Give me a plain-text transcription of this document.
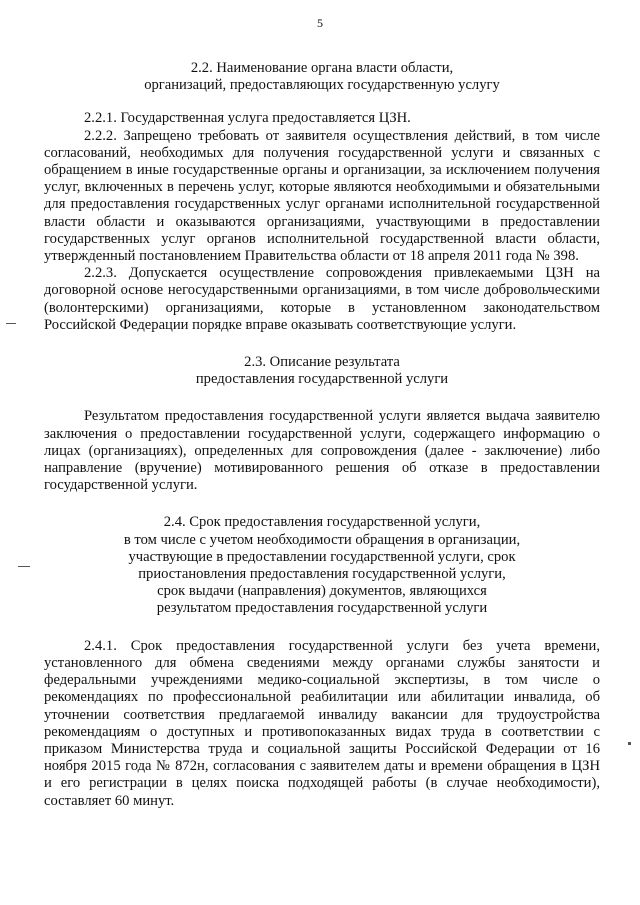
5
2.2. Наименование органа власти области,
организаций, предоставляющих государственную услугу

2.2.1. Государственная услуга предоставляется ЦЗН.

2.2.2. Запрещено требовать от заявителя осуществления действий, в том числе согласований, необходимых для получения государственной услуги и связанных с обращением в иные государственные органы и организации, за исключением получения услуг, включенных в перечень услуг, которые являются необходимыми и обязательными для предоставления государственных услуг органами исполнительной государственной власти области и оказываются организациями, участвующими в предоставлении государственных услуг органов исполнительной государственной власти области, утвержденный постановлением Правительства области от 18 апреля 2011 года № 398.

2.2.3. Допускается осуществление сопровождения привлекаемыми ЦЗН на договорной основе негосударственными организациями, в том числе добровольческими (волонтерскими) организациями, которые в установленном законодательством Российской Федерации порядке вправе оказывать соответствующие услуги.

2.3. Описание результата
предоставления государственной услуги

Результатом предоставления государственной услуги является выдача заявителю заключения о предоставлении государственной услуги, содержащего информацию о лицах (организациях), определенных для сопровождения (далее - заключение) либо направление (вручение) мотивированного решения об отказе в предоставлении государственной услуги.

2.4. Срок предоставления государственной услуги,
в том числе с учетом необходимости обращения в организации,
участвующие в предоставлении государственной услуги, срок
приостановления предоставления государственной услуги,
срок выдачи (направления) документов, являющихся
результатом предоставления государственной услуги

2.4.1. Срок предоставления государственной услуги без учета времени, установленного для обмена сведениями между органами службы занятости и федеральными учреждениями медико-социальной экспертизы, в том числе о рекомендациях по профессиональной реабилитации или абилитации инвалида, об уточнении соответствия предлагаемой инвалиду вакансии для трудоустройства рекомендациям о доступных и противопоказанных видах труда в соответствии с приказом Министерства труда и социальной защиты Российской Федерации от 16 ноября 2015 года № 872н, согласования с заявителем даты и времени обращения в ЦЗН и его регистрации в целях поиска подходящей работы (в случае необходимости), составляет 60 минут.
